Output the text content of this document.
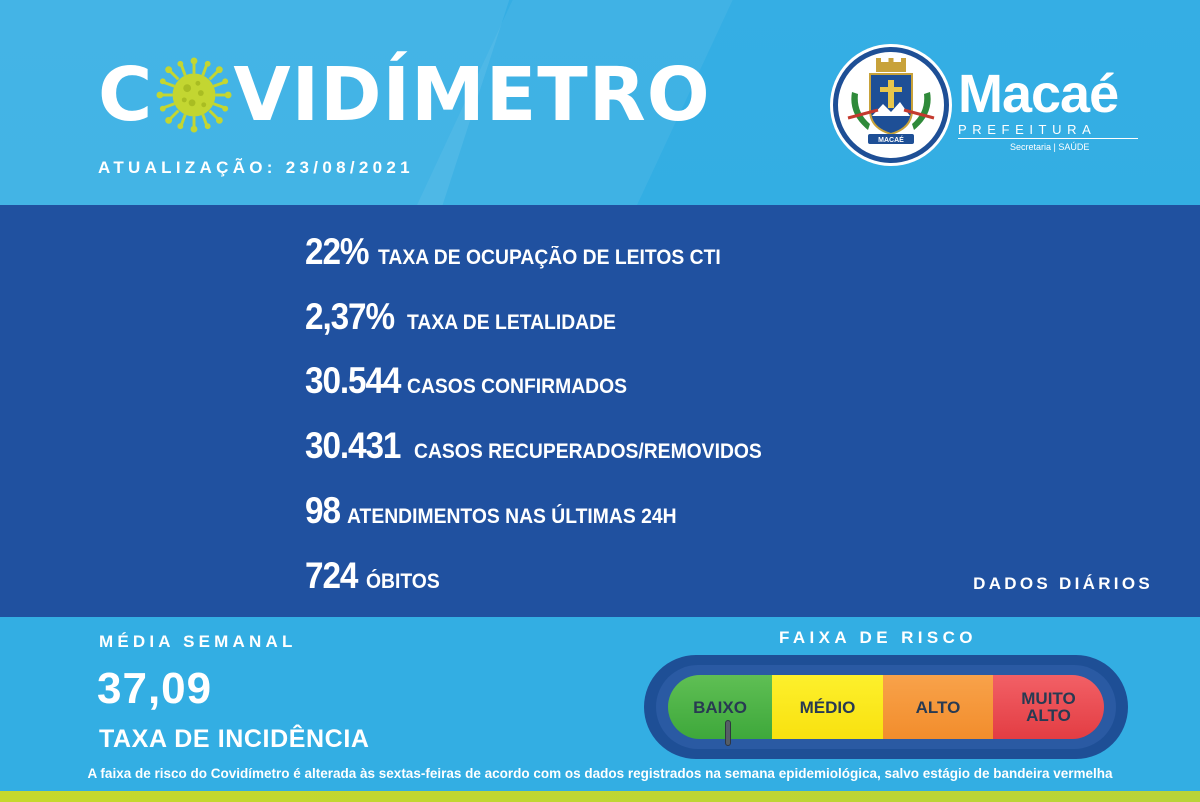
C VIDÍMETRO
ATUALIZAÇÃO: 23/08/2021
MACAÉ
Macaé
PREFEITURA
Secretaria | SAÚDE
22% TAXA DE OCUPAÇÃO DE LEITOS CTI
2,37% TAXA DE LETALIDADE
30.544 CASOS CONFIRMADOS
30.431 CASOS RECUPERADOS/REMOVIDOS
98 ATENDIMENTOS NAS ÚLTIMAS 24H
724 ÓBITOS	DADOS DIÁRIOS
MÉDIA SEMANAL
37,09
TAXA DE INCIDÊNCIA
FAIXA DE RISCO
BAIXO	MÉDIO	ALTO	MUITO ALTO
A faixa de risco do Covidímetro é alterada às sextas-feiras de acordo com os dados registrados na semana epidemiológica, salvo estágio de bandeira vermelha
